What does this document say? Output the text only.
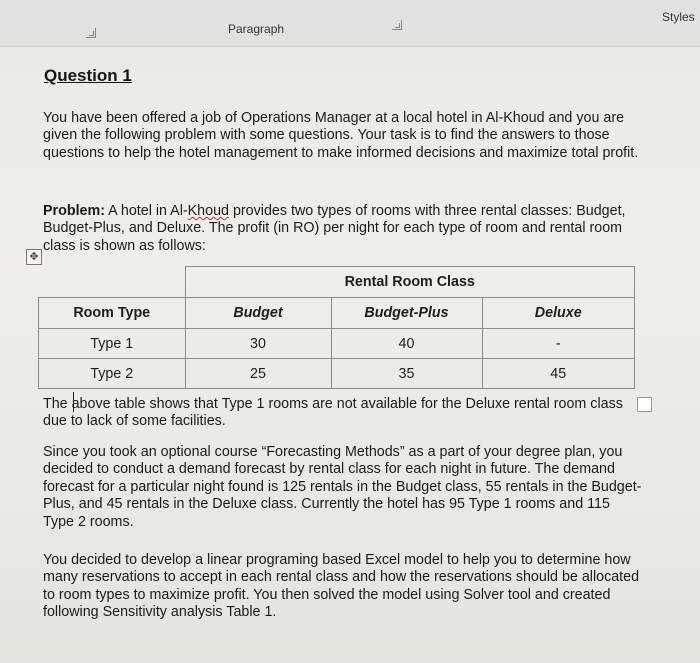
Paragraph
Styles
Question 1

You have been offered a job of Operations Manager at a local hotel in Al-Khoud and you are given the following problem with some questions. Your task is to find the answers to those questions to help the hotel management to make informed decisions and maximize total profit.

Problem: A hotel in Al-Khoud provides two types of rooms with three rental classes: Budget, Budget-Plus, and Deluxe. The profit (in RO) per night for each type of room and rental room class is shown as follows:

✥
	Rental Room Class		
Room Type	Budget	Budget-Plus	Deluxe
Type 1	30	40	-
Type 2	25	35	45

The above table shows that Type 1 rooms are not available for the Deluxe rental room class due to lack of some facilities.

Since you took an optional course “Forecasting Methods” as a part of your degree plan, you decided to conduct a demand forecast by rental class for each night in future. The demand forecast for a particular night found is 125 rentals in the Budget class, 55 rentals in the Budget-Plus, and 45 rentals in the Deluxe class. Currently the hotel has 95 Type 1 rooms and 115 Type 2 rooms.

You decided to develop a linear programing based Excel model to help you to determine how many reservations to accept in each rental class and how the reservations should be allocated to room types to maximize profit. You then solved the model using Solver tool and created following Sensitivity analysis Table 1.
